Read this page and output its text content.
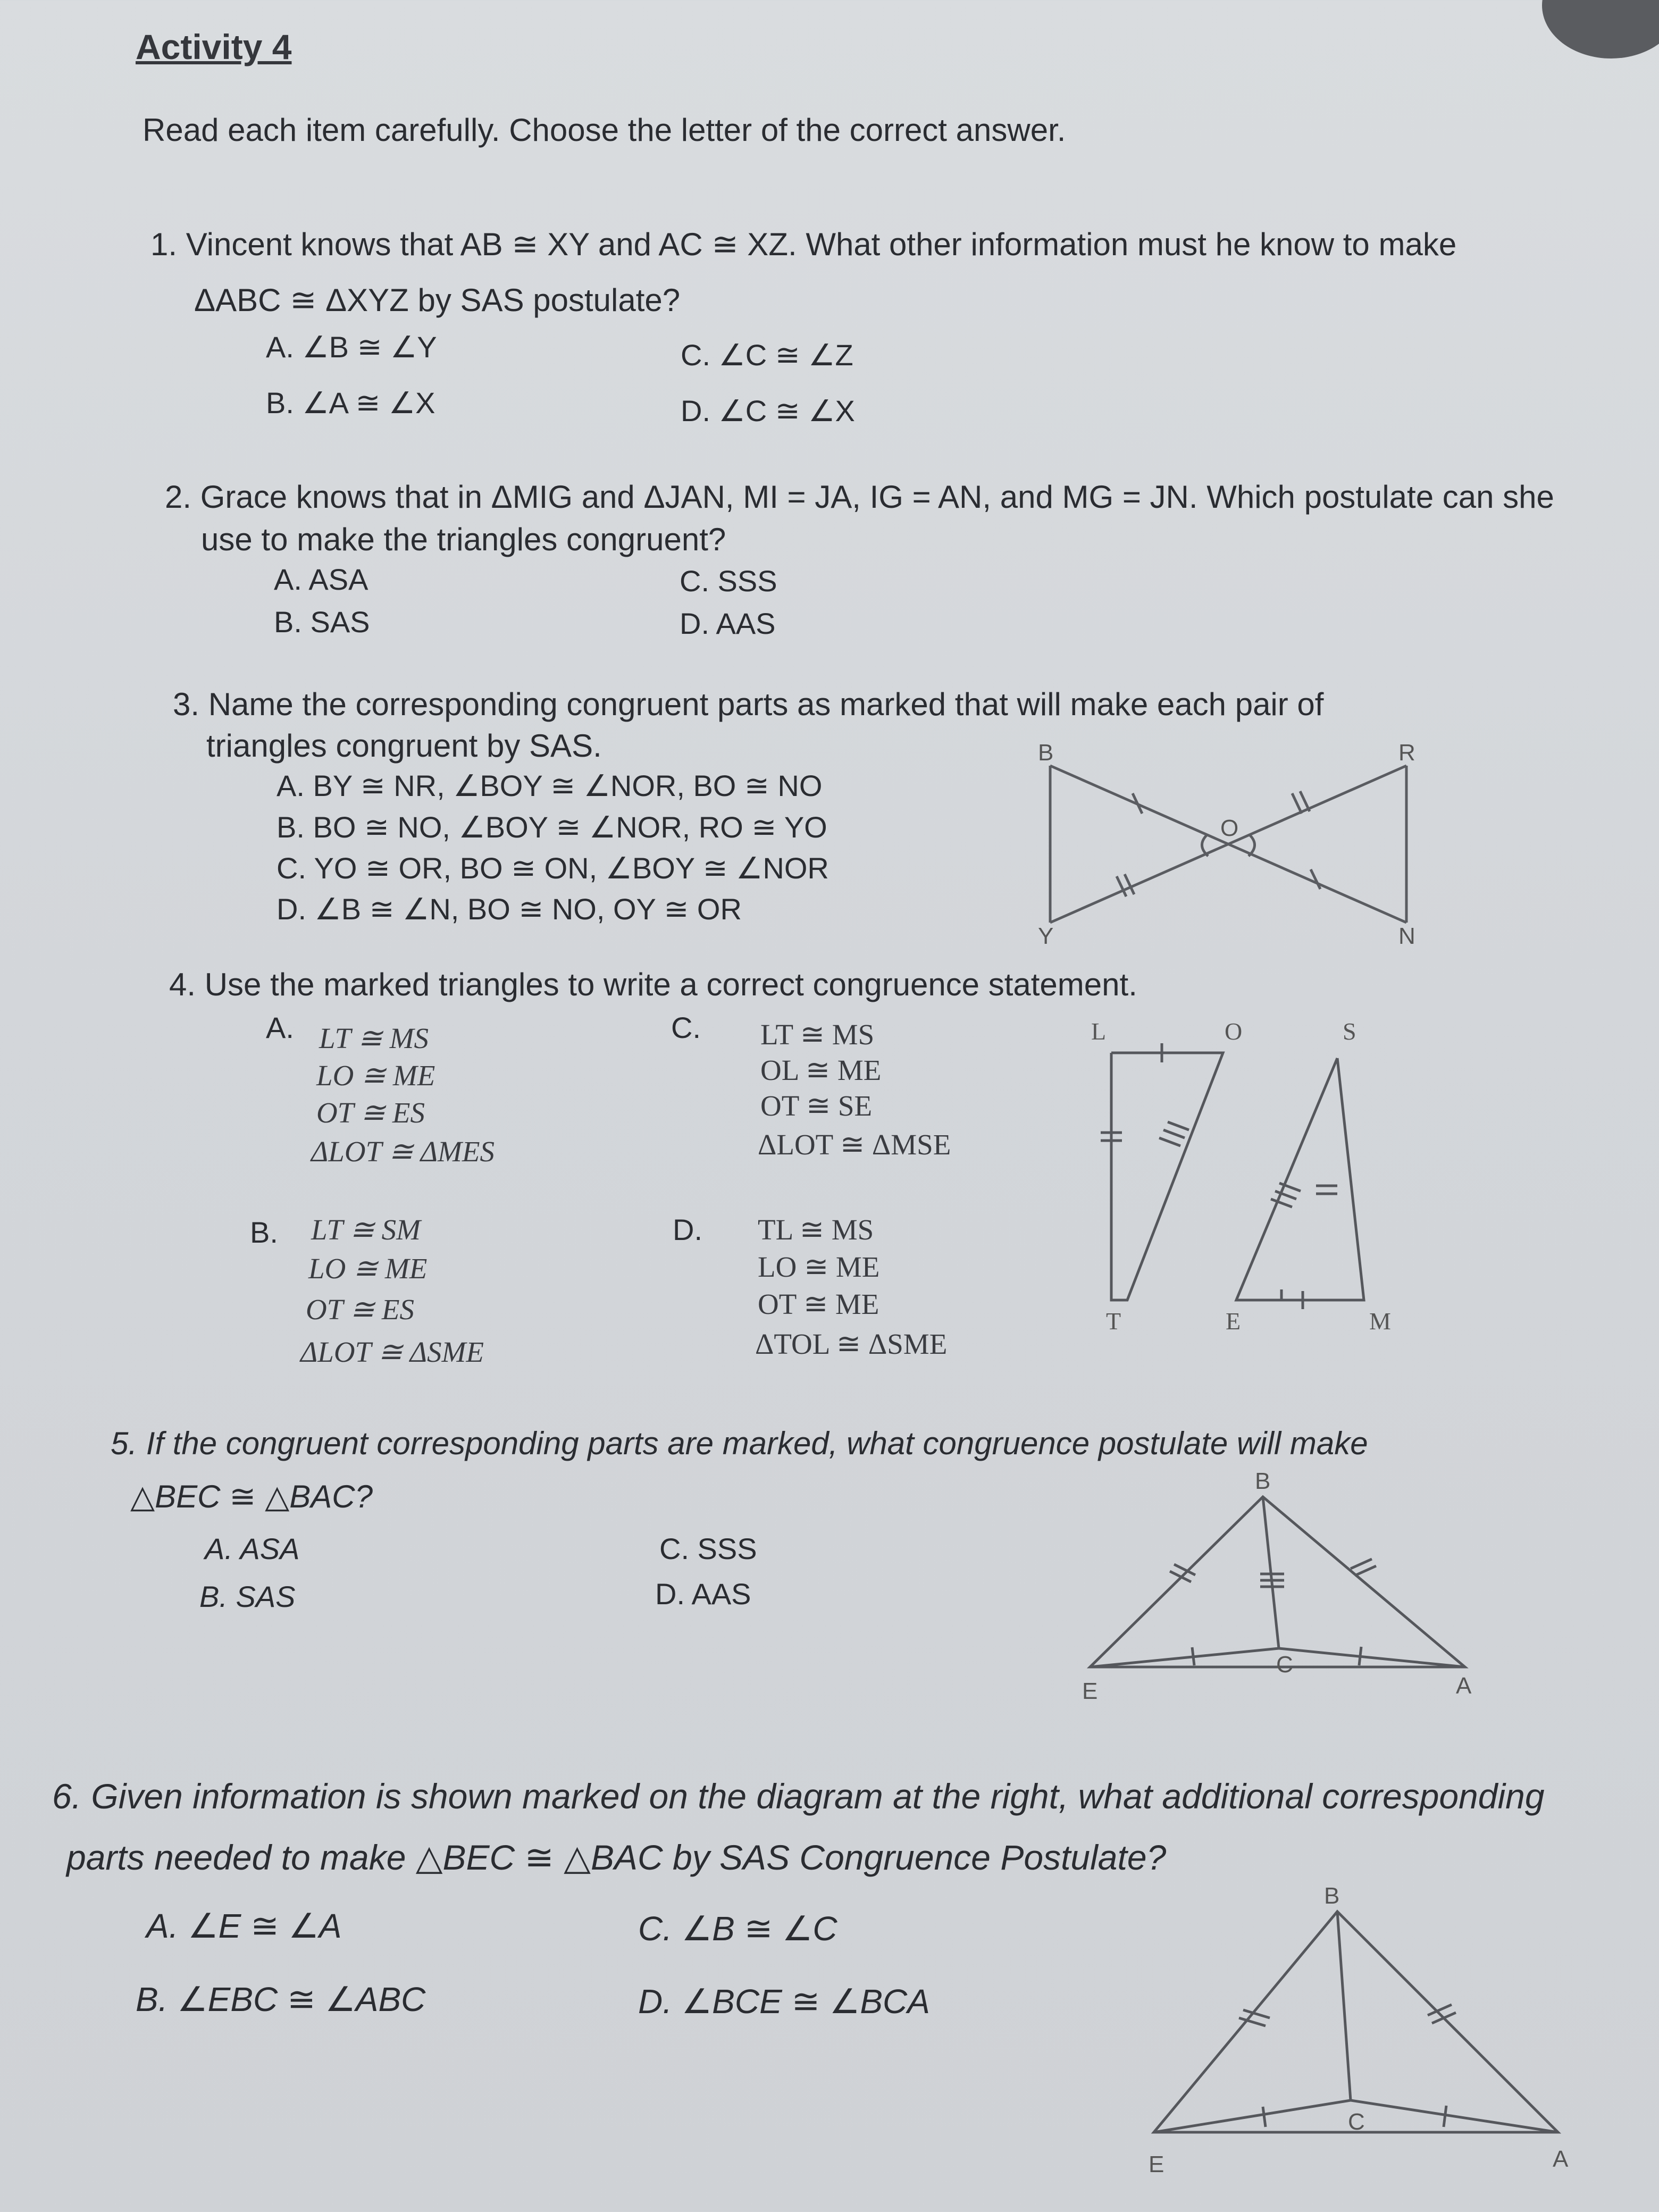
Activity 4
Read each item carefully. Choose the letter of the correct answer.
1. Vincent knows that AB ≅ XY and AC ≅ XZ. What other information must he know to make
ΔABC ≅ ΔXYZ by SAS postulate?
A. ∠B ≅ ∠Y
B. ∠A ≅ ∠X
C. ∠C ≅ ∠Z
D. ∠C ≅ ∠X
2. Grace knows that in ΔMIG and ΔJAN, MI = JA, IG = AN, and MG = JN. Which postulate can she
use to make the triangles congruent?
A. ASA
B. SAS
C. SSS
D. AAS
3. Name the corresponding congruent parts as marked that will make each pair of
triangles congruent by SAS.
A. BY ≅ NR, ∠BOY ≅ ∠NOR, BO ≅ NO
B. BO ≅ NO, ∠BOY ≅ ∠NOR, RO ≅ YO
C. YO ≅ OR, BO ≅ ON, ∠BOY ≅ ∠NOR
D. ∠B ≅ ∠N, BO ≅ NO, OY ≅ OR
B	R
Y	N
O
4. Use the marked triangles to write a correct congruence statement.
A. LT ≅ MS
LO ≅ ME
OT ≅ ES
ΔLOT ≅ ΔMES
C. LT ≅ MS
OL ≅ ME
OT ≅ SE
ΔLOT ≅ ΔMSE
B. LT ≅ SM
LO ≅ ME
OT ≅ ES
ΔLOT ≅ ΔSME
D. TL ≅ MS
LO ≅ ME
OT ≅ ME
ΔTOL ≅ ΔSME
L	O	S
T	E	M
5. If the congruent corresponding parts are marked, what congruence postulate will make
△BEC ≅ △BAC?
A. ASA
B. SAS
C. SSS
D. AAS
B
C
E	A
6. Given information is shown marked on the diagram at the right, what additional corresponding
parts needed to make △BEC ≅ △BAC by SAS Congruence Postulate?
A. ∠E ≅ ∠A
B. ∠EBC ≅ ∠ABC
C. ∠B ≅ ∠C
D. ∠BCE ≅ ∠BCA
B
C
E	A
